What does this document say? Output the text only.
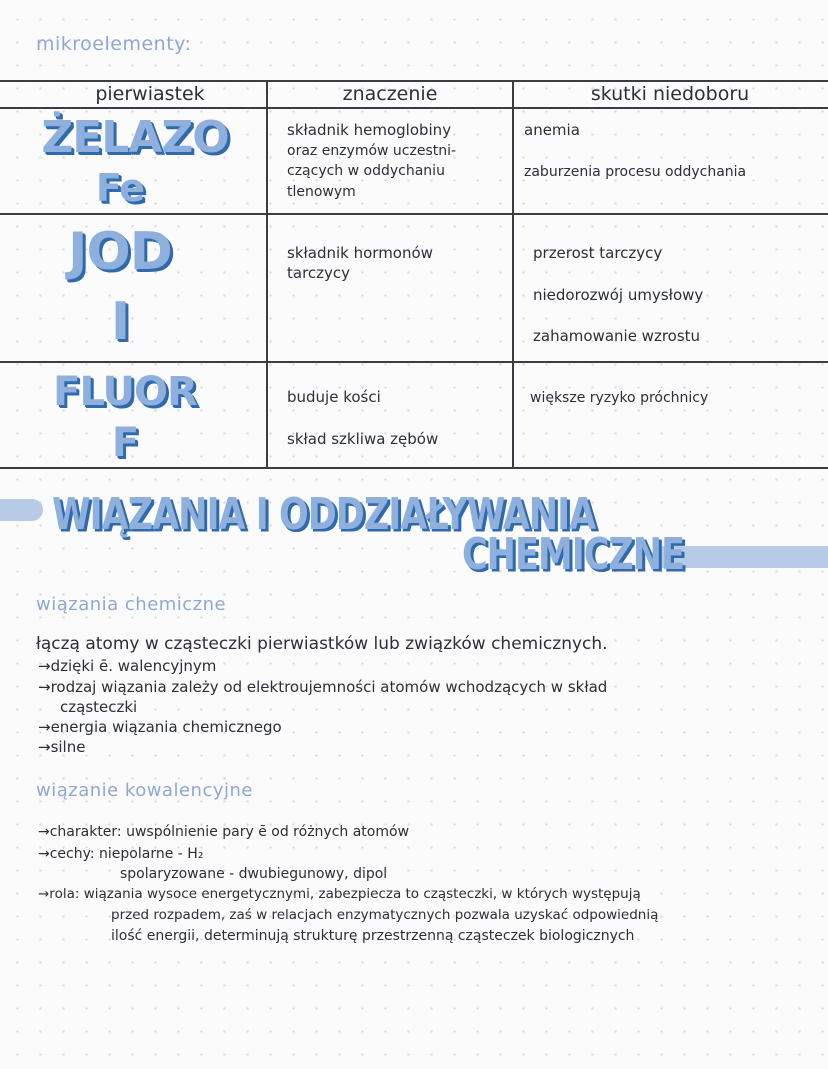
mikroelementy:
pierwiastek	znaczenie	skutki niedoboru
ŻELAZO
Fe
składnik hemoglobiny
oraz enzymów uczestni-
czących w oddychaniu
tlenowym
anemia
zaburzenia procesu oddychania
JOD
I
składnik hormonów
tarczycy
przerost tarczycy
niedorozwój umysłowy
zahamowanie wzrostu
FLUOR
F
buduje kości
skład szkliwa zębów
większe ryzyko próchnicy
WIĄZANIA I ODDZIAŁYWANIA
CHEMICZNE
wiązania chemiczne
łączą atomy w cząsteczki pierwiastków lub związków chemicznych.
→dzięki ē. walencyjnym
→rodzaj wiązania zależy od elektroujemności atomów wchodzących w skład
cząsteczki
→energia wiązania chemicznego
→silne
wiązanie kowalencyjne
→charakter: uwspólnienie pary ē od różnych atomów
→cechy: niepolarne - H₂
spolaryzowane - dwubiegunowy, dipol
→rola: wiązania wysoce energetycznymi, zabezpiecza to cząsteczki, w których występują
przed rozpadem, zaś w relacjach enzymatycznych pozwala uzyskać odpowiednią
ilość energii, determinują strukturę przestrzenną cząsteczek biologicznych
